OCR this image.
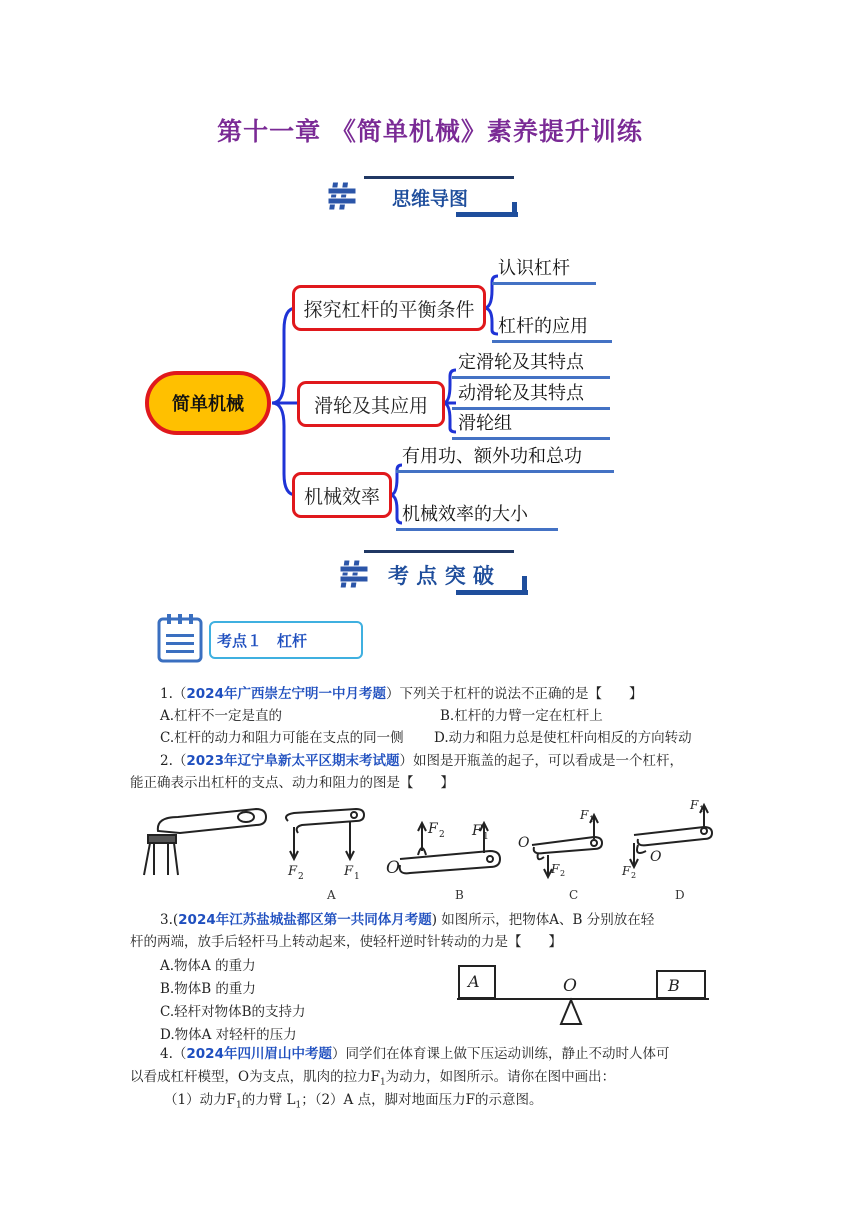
第十一章 《简单机械》素养提升训练
思维导图
简单机械
探究杠杆的平衡条件
滑轮及其应用
机械效率
认识杠杆
杠杆的应用
定滑轮及其特点
动滑轮及其特点
滑轮组
有用功、额外功和总功
机械效率的大小
考 点 突 破
考点１　杠杆
1.（2024年广西崇左宁明一中月考题）下列关于杠杆的说法不正确的是【　　】
A.杠杆不一定是直的	B.杠杆的力臂一定在杠杆上
C.杠杆的动力和阻力可能在支点的同一侧 D.动力和阻力总是使杠杆向相反的方向转动
2.（2023年辽宁阜新太平区期末考试题）如图是开瓶盖的起子，可以看成是一个杠杆，
能正确表示出杠杆的支点、动力和阻力的图是【　　】
F 2	F 1 O
F 2 F 1 O
F 1
F 2
O
F 1
F 2
A	B	C	D
3.(2024年江苏盐城盐都区第一共同体月考题) 如图所示，把物体A、B 分别放在轻
杆的两端，放手后轻杆马上转动起来，使轻杆逆时针转动的力是【　　】
A.物体A 的重力
B.物体B 的重力
C.轻杆对物体B的支持力
D.物体A 对轻杆的压力
A	B
O
4.（2024年四川眉山中考题）同学们在体育课上做下压运动训练，静止不动时人体可
以看成杠杆模型，O为支点，肌肉的拉力$F_1$为动力，如图所示。请你在图中画出：
（1）动力$F_1$的力臂 $L_1$；（2）A 点，脚对地面压力F的示意图。
